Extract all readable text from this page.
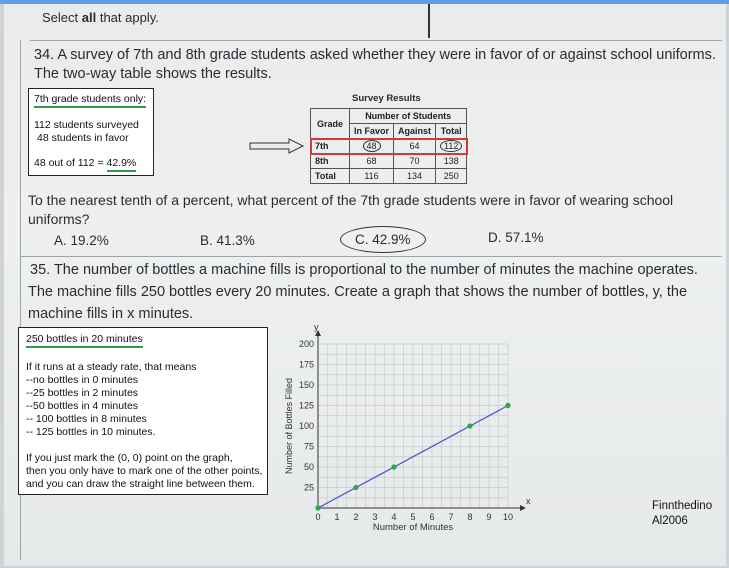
Select all that apply.
34. A survey of 7th and 8th grade students asked whether they were in favor of or against school uniforms.
The two-way table shows the results.
7th grade students only:
112 students surveyed
48 students in favor
48 out of 112 = 42.9%
Survey Results
Grade	Number of Students		
	In Favor	Against	Total
7th	48	64	112
8th	68	70	138
Total	116	134	250
To the nearest tenth of a percent, what percent of the 7th grade students were in favor of wearing school
uniforms?
A. 19.2%	B. 41.3%	C. 42.9%	D. 57.1%
35. The number of bottles a machine fills is proportional to the number of minutes the machine operates.
The machine fills 250 bottles every 20 minutes. Create a graph that shows the number of bottles, y, the
machine fills in x minutes.
250 bottles in 20 minutes
If it runs at a steady rate, that means
--no bottles in 0 minutes
--25 bottles in 2 minutes
--50 bottles in 4 minutes
-- 100 bottles in 8 minutes
-- 125 bottles in 10 minutes.
If you just mark the (0, 0) point on the graph,
then you only have to mark one of the other points,
and you can draw the straight line between them.
x
y
0 1 2 3 4 5 6 7 8 9 10
25
50
75
100
125
150
175
200
Number of Minutes
Number of Bottles Filled
Finnthedino
Al2006
